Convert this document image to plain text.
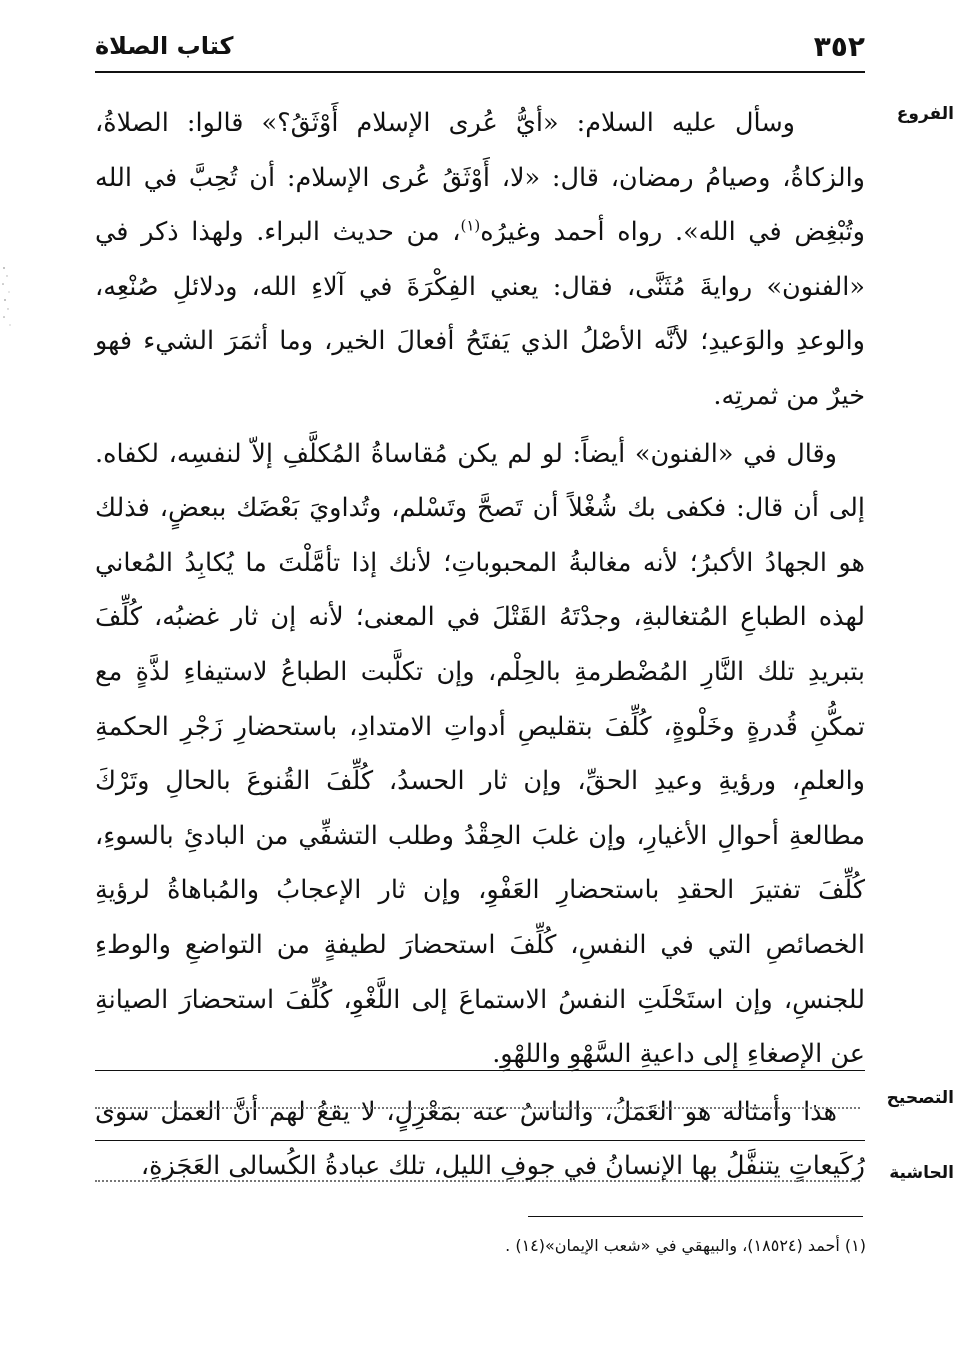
٣٥٢
كتاب الصلاة
الفروع

وسأل عليه السلام: «أيُّ عُرى الإسلام أَوْثَقُ؟» قالوا: الصلاةُ، والزكاةُ، وصيامُ رمضان، قال: «لا، أَوْثَقُ عُرى الإسلام: أن تُحِبَّ في الله وتُبْغِض في الله». رواه أحمد وغيرُه$^{(١)}$، من حديث البراء. ولهذا ذكر في «الفنون» روايةَ مُثَنَّى، فقال: يعني الفِكْرَةَ في آلاءِ الله، ودلائلِ صُنْعِه، والوعدِ والوَعيدِ؛ لأنَّه الأصْلُ الذي يَفتَحُ أفعالَ الخير، وما أثمَرَ الشيء فهو خيرٌ من ثمرتِه.

وقال في «الفنون» أيضاً: لو لم يكن مُقاساةُ المُكلَّفِ إلاّ لنفسِه، لكفاه. إلى أن قال: فكفى بك شُغْلاً أن تَصحَّ وتَسْلم، وتُداويَ بَعْضَك ببعضٍ، فذلك هو الجهادُ الأكبرُ؛ لأنه مغالبةُ المحبوباتِ؛ لأنك إذا تأمَّلْتَ ما يُكابِدُ المُعاني لهذه الطباعِ المُتغالبةِ، وجدْتَهُ القَتْلَ في المعنى؛ لأنه إن ثار غضبُه، كُلِّفَ بتبريدِ تلك النَّارِ المُضْطرمةِ بالحِلْم، وإن تكلَّبت الطباعُ لاستيفاءِ لذَّةٍ مع تمكُّنِ قُدرةٍ وخَلْوةٍ، كُلِّفَ بتقليصِ أدواتِ الامتدادِ، باستحضارِ زَجْرِ الحكمةِ والعلمِ، ورؤيةِ وعيدِ الحقِّ، وإن ثار الحسدُ، كُلِّفَ القُنوعَ بالحالِ وتَرْكَ مطالعةِ أحوالِ الأغيارِ، وإن غلبَ الحِقْدُ وطلب التشفِّي من البادئِ بالسوءِ، كُلِّفَ تفتيرَ الحقدِ باستحضارِ العَفْوِ، وإن ثار الإعجابُ والمُباهاةُ لرؤيةِ الخصائصِ التي في النفسِ، كُلِّفَ استحضارَ لطيفةٍ من التواضعِ والوطءِ للجنسِ، وإن استَحْلَتِ النفسُ الاستماعَ إلى اللَّغْوِ، كُلِّفَ استحضارَ الصيانةِ عن الإصغاءِ إلى داعيةِ السَّهْوِ واللهْوِ.

هذا وأمثاله هو العَمَلُ، والناسُ عنه بمَعْزِلٍ، لا يقعُ لهم أنَّ العمل سوى رُكَيعاتٍ يتنفَّلُ بها الإنسانُ في جوفِ الليل، تلك عبادةُ الكُسالى العَجَزةِ،

التصحيح
الحاشية
(١) أحمد (١٨٥٢٤)، والبيهقي في «شعب الإيمان»(١٤) .
